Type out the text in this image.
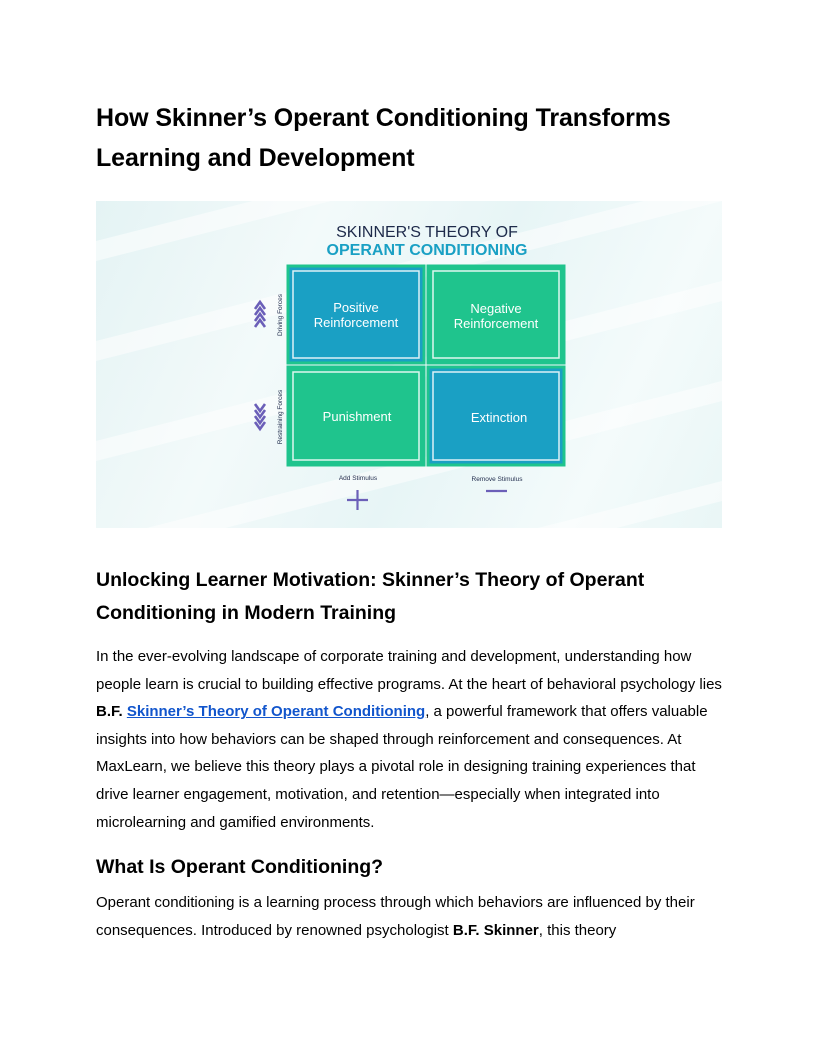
How Skinner’s Operant Conditioning Transforms Learning and Development
SKINNER'S THEORY OF
OPERANT CONDITIONING
Positive
Reinforcement
Negative
Reinforcement
Punishment	Extinction
Driving Forces
Restraining Forces
Add Stimulus	Remove Stimulus
Unlocking Learner Motivation: Skinner’s Theory of Operant Conditioning in Modern Training

In the ever-evolving landscape of corporate training and development, understanding how people learn is crucial to building effective programs. At the heart of behavioral psychology lies B.F. Skinner’s Theory of Operant Conditioning, a powerful framework that offers valuable insights into how behaviors can be shaped through reinforcement and consequences. At MaxLearn, we believe this theory plays a pivotal role in designing training experiences that drive learner engagement, motivation, and retention—especially when integrated into microlearning and gamified environments.

What Is Operant Conditioning?

Operant conditioning is a learning process through which behaviors are influenced by their consequences. Introduced by renowned psychologist B.F. Skinner, this theory
